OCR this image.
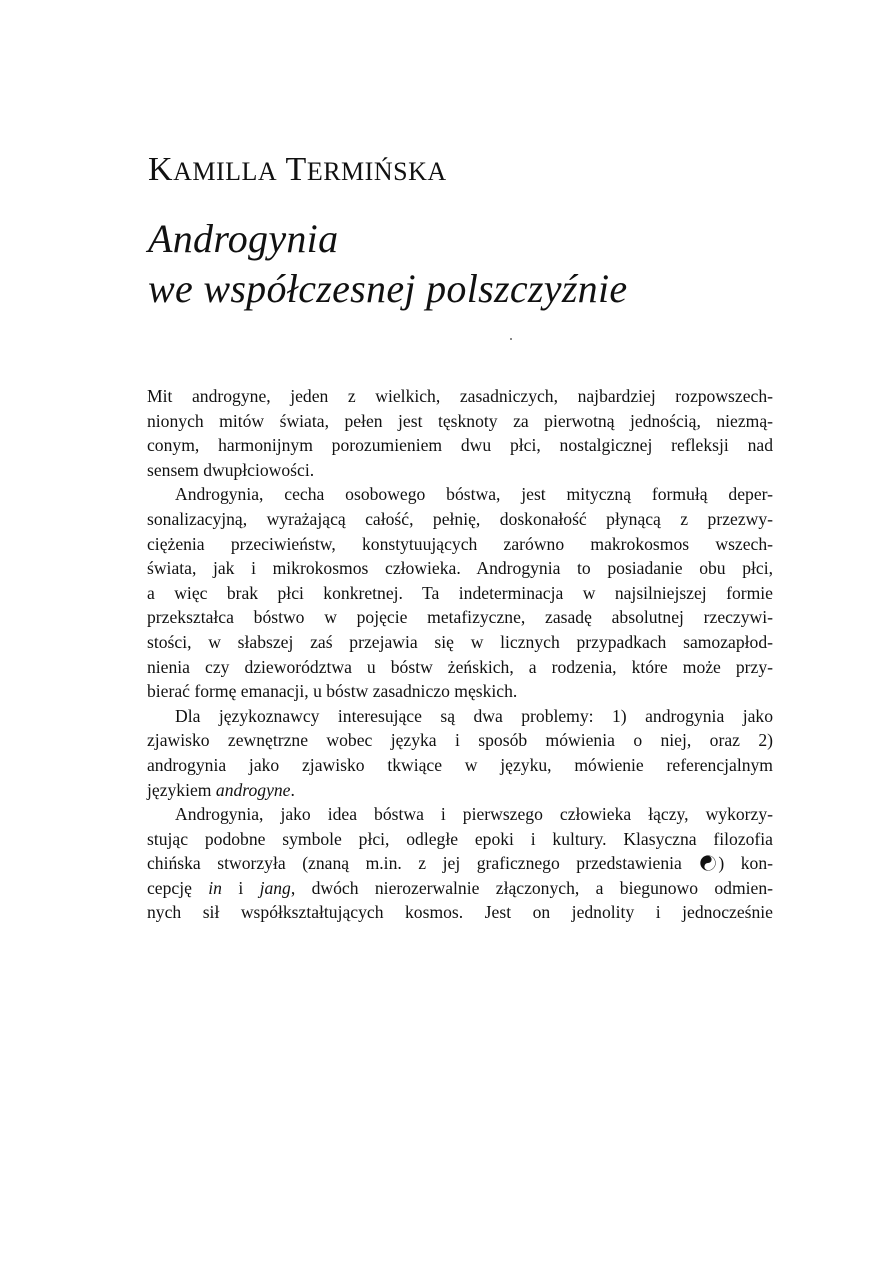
KAMILLA TERMIŃSKA
Androgynia
we współczesnej polszczyźnie

Mit androgyne, jeden z wielkich, zasadniczych, najbardziej rozpowszech-
nionych mitów świata, pełen jest tęsknoty za pierwotną jednością, niezmą-
conym, harmonijnym porozumieniem dwu płci, nostalgicznej refleksji nad
sensem dwupłciowości.

Androgynia, cecha osobowego bóstwa, jest mityczną formułą deper-
sonalizacyjną, wyrażającą całość, pełnię, doskonałość płynącą z przezwy-
ciężenia przeciwieństw, konstytuujących zarówno makrokosmos wszech-
świata, jak i mikrokosmos człowieka. Androgynia to posiadanie obu płci,
a więc brak płci konkretnej. Ta indeterminacja w najsilniejszej formie
przekształca bóstwo w pojęcie metafizyczne, zasadę absolutnej rzeczywi-
stości, w słabszej zaś przejawia się w licznych przypadkach samozapłod-
nienia czy dzieworództwa u bóstw żeńskich, a rodzenia, które może przy-
bierać formę emanacji, u bóstw zasadniczo męskich.

Dla językoznawcy interesujące są dwa problemy: 1) androgynia jako
zjawisko zewnętrzne wobec języka i sposób mówienia o niej, oraz 2)
androgynia jako zjawisko tkwiące w języku, mówienie referencjalnym
językiem androgyne.

Androgynia, jako idea bóstwa i pierwszego człowieka łączy, wykorzy-
stując podobne symbole płci, odległe epoki i kultury. Klasyczna filozofia
chińska stworzyła (znaną m.in. z jej graficznego przedstawienia ) kon-
cepcję in i jang, dwóch nierozerwalnie złączonych, a biegunowo odmien-
nych sił współkształtujących kosmos. Jest on jednolity i jednocześnie
